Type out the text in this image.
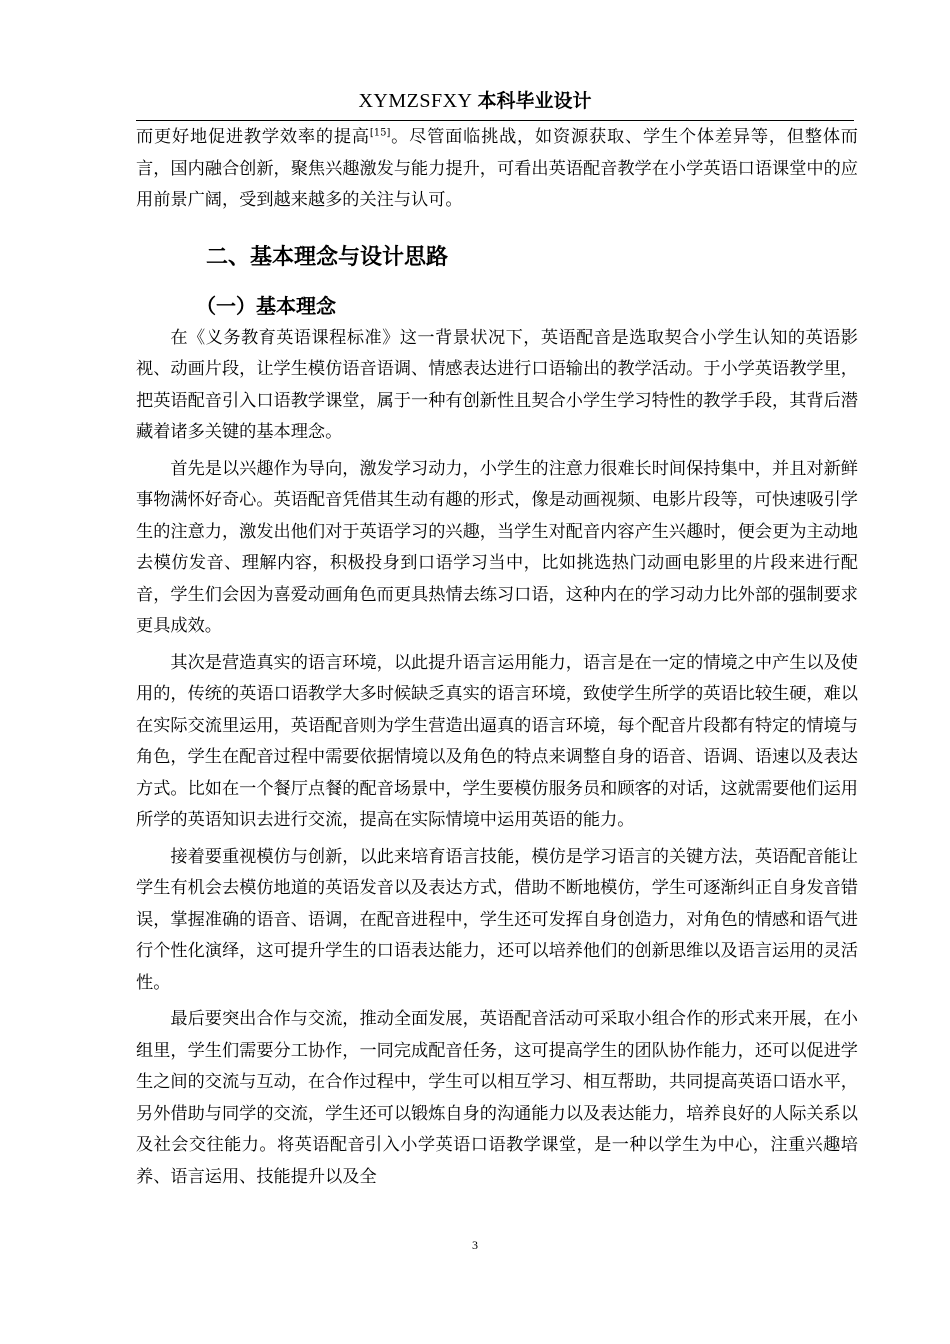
XYMZSFXY 本科毕业设计

而更好地促进教学效率的提高[15]。尽管面临挑战，如资源获取、学生个体差异等，但整体而言，国内融合创新，聚焦兴趣激发与能力提升，可看出英语配音教学在小学英语口语课堂中的应用前景广阔，受到越来越多的关注与认可。

二、基本理念与设计思路
（一）基本理念

在《义务教育英语课程标准》这一背景状况下，英语配音是选取契合小学生认知的英语影视、动画片段，让学生模仿语音语调、情感表达进行口语输出的教学活动。于小学英语教学里，把英语配音引入口语教学课堂，属于一种有创新性且契合小学生学习特性的教学手段，其背后潜藏着诸多关键的基本理念。

首先是以兴趣作为导向，激发学习动力，小学生的注意力很难长时间保持集中，并且对新鲜事物满怀好奇心。英语配音凭借其生动有趣的形式，像是动画视频、电影片段等，可快速吸引学生的注意力，激发出他们对于英语学习的兴趣，当学生对配音内容产生兴趣时，便会更为主动地去模仿发音、理解内容，积极投身到口语学习当中，比如挑选热门动画电影里的片段来进行配音，学生们会因为喜爱动画角色而更具热情去练习口语，这种内在的学习动力比外部的强制要求更具成效。

其次是营造真实的语言环境，以此提升语言运用能力，语言是在一定的情境之中产生以及使用的，传统的英语口语教学大多时候缺乏真实的语言环境，致使学生所学的英语比较生硬，难以在实际交流里运用，英语配音则为学生营造出逼真的语言环境，每个配音片段都有特定的情境与角色，学生在配音过程中需要依据情境以及角色的特点来调整自身的语音、语调、语速以及表达方式。比如在一个餐厅点餐的配音场景中，学生要模仿服务员和顾客的对话，这就需要他们运用所学的英语知识去进行交流，提高在实际情境中运用英语的能力。

接着要重视模仿与创新，以此来培育语言技能，模仿是学习语言的关键方法，英语配音能让学生有机会去模仿地道的英语发音以及表达方式，借助不断地模仿，学生可逐渐纠正自身发音错误，掌握准确的语音、语调，在配音进程中，学生还可发挥自身创造力，对角色的情感和语气进行个性化演绎，这可提升学生的口语表达能力，还可以培养他们的创新思维以及语言运用的灵活性。

最后要突出合作与交流，推动全面发展，英语配音活动可采取小组合作的形式来开展，在小组里，学生们需要分工协作，一同完成配音任务，这可提高学生的团队协作能力，还可以促进学生之间的交流与互动，在合作过程中，学生可以相互学习、相互帮助，共同提高英语口语水平，另外借助与同学的交流，学生还可以锻炼自身的沟通能力以及表达能力，培养良好的人际关系以及社会交往能力。将英语配音引入小学英语口语教学课堂，是一种以学生为中心，注重兴趣培养、语言运用、技能提升以及全

3
